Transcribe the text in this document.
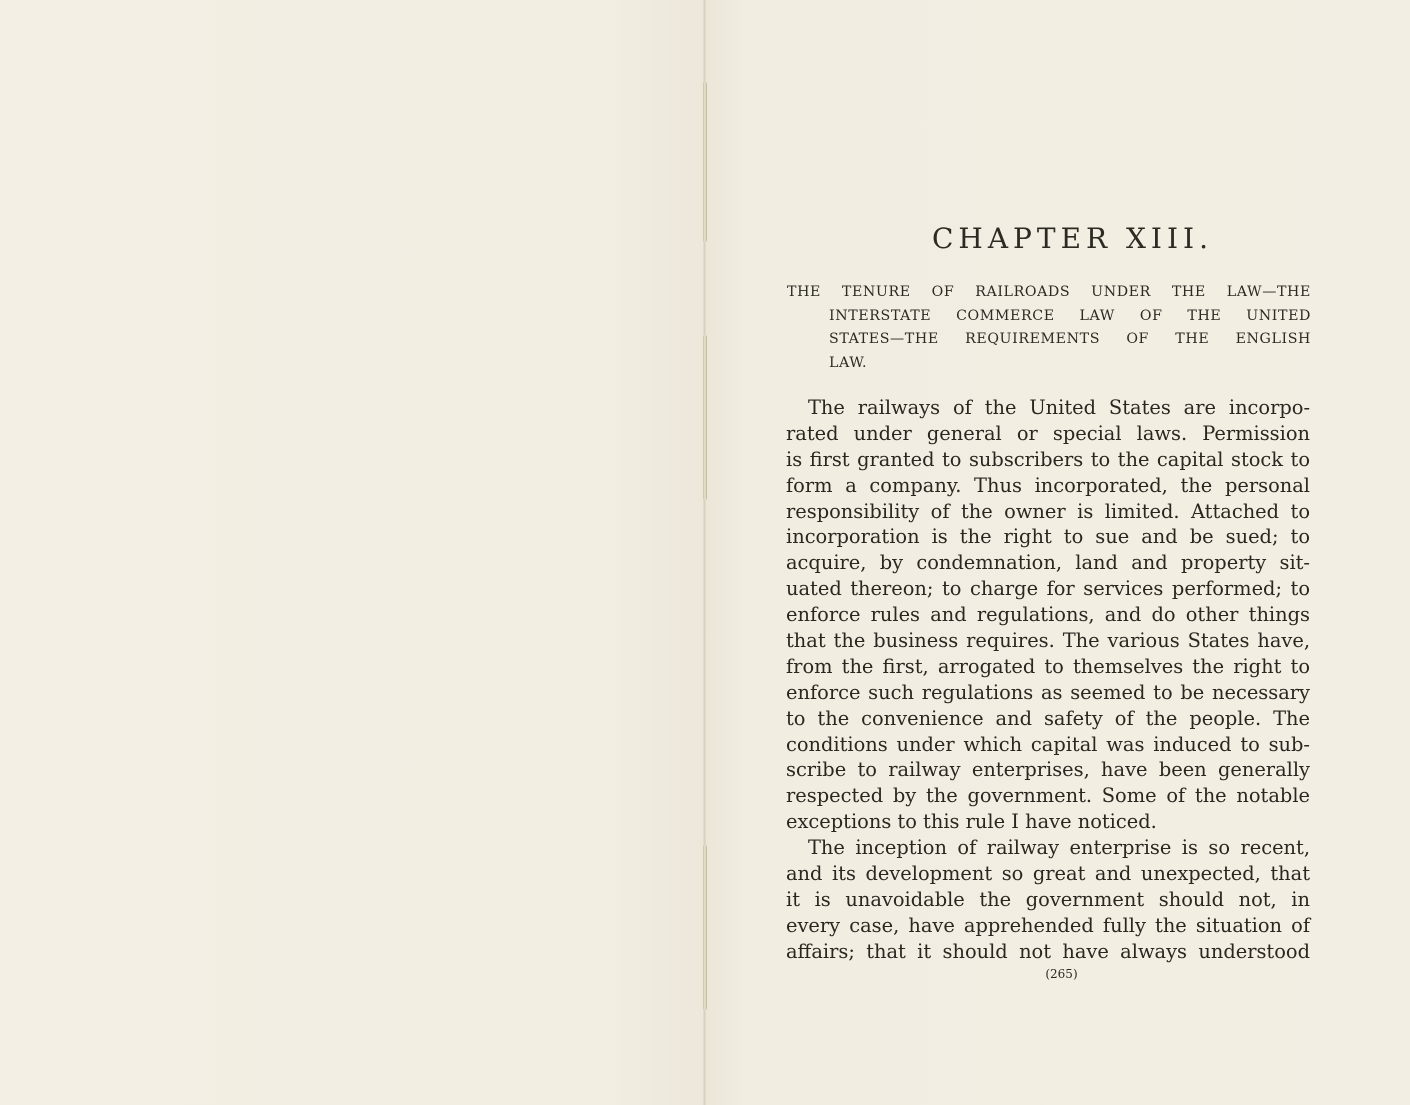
CHAPTER XIII.
THE TENURE OF RAILROADS UNDER THE LAW—THE
INTERSTATE COMMERCE LAW OF THE UNITED
STATES—THE REQUIREMENTS OF THE ENGLISH
LAW.
The railways of the United States are incorpo-
rated under general or special laws. Permission
is first granted to subscribers to the capital stock to
form a company. Thus incorporated, the personal
responsibility of the owner is limited. Attached to
incorporation is the right to sue and be sued; to
acquire, by condemnation, land and property sit-
uated thereon; to charge for services performed; to
enforce rules and regulations, and do other things
that the business requires. The various States have,
from the first, arrogated to themselves the right to
enforce such regulations as seemed to be necessary
to the convenience and safety of the people. The
conditions under which capital was induced to sub-
scribe to railway enterprises, have been generally
respected by the government. Some of the notable
exceptions to this rule I have noticed.
The inception of railway enterprise is so recent,
and its development so great and unexpected, that
it is unavoidable the government should not, in
every case, have apprehended fully the situation of
affairs; that it should not have always understood
(265)
